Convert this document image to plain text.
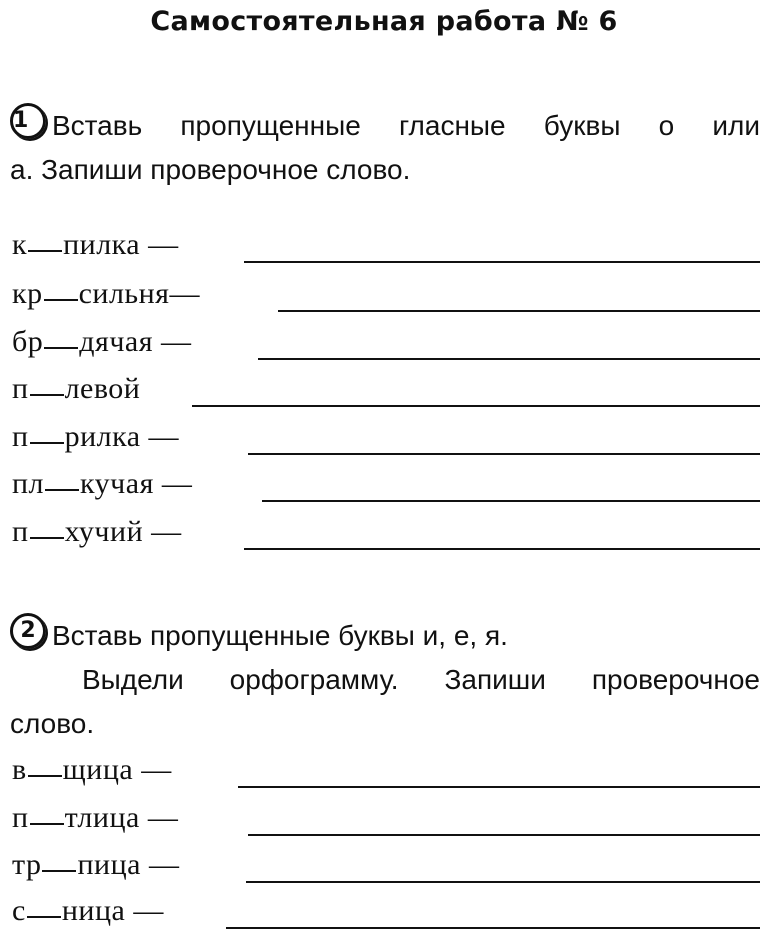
Самостоятельная работа № 6
1 Вставь пропущенные гласные буквы о или
а. Запиши проверочное слово.
к пилка —
кр сильня—
бр дячая —
п левой
п рилка —
пл кучая —
п хучий —
2 Вставь пропущенные буквы и, е, я.
Выдели орфограмму. Запиши проверочное
слово.
в щица —
п тлица —
тр пица —
с ница —
